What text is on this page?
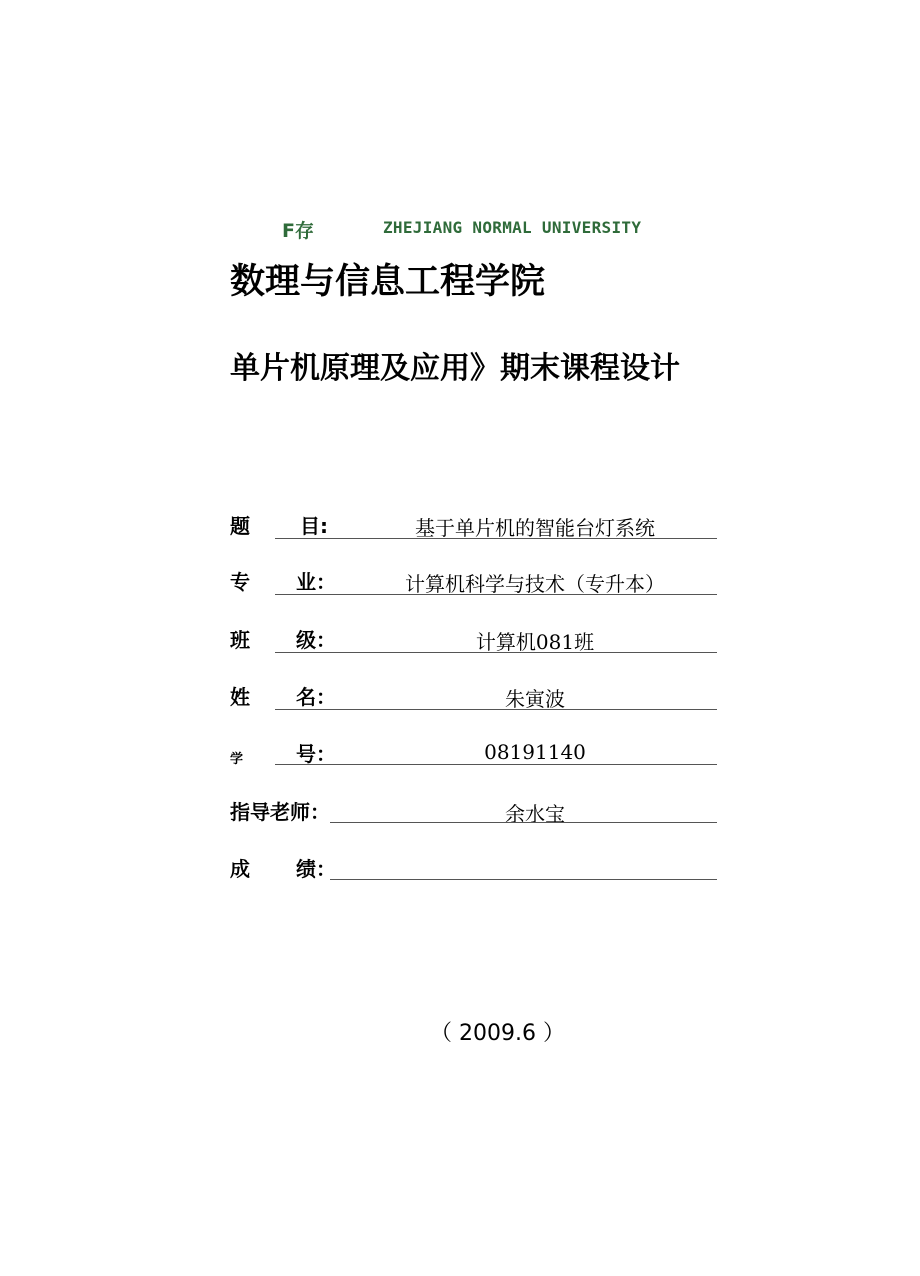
F存	ZHEJIANG NORMAL UNIVERSITY
数理与信息工程学院
单片机原理及应用》期末课程设计
题	目:	基于单片机的智能台灯系统
专 业：	计算机科学与技术（专升本）
班 级：	计算机081班
姓 名：	朱寅波
学	号：	08191140
指导老师：	余水宝
成 绩：
（ 2009.6 ）
